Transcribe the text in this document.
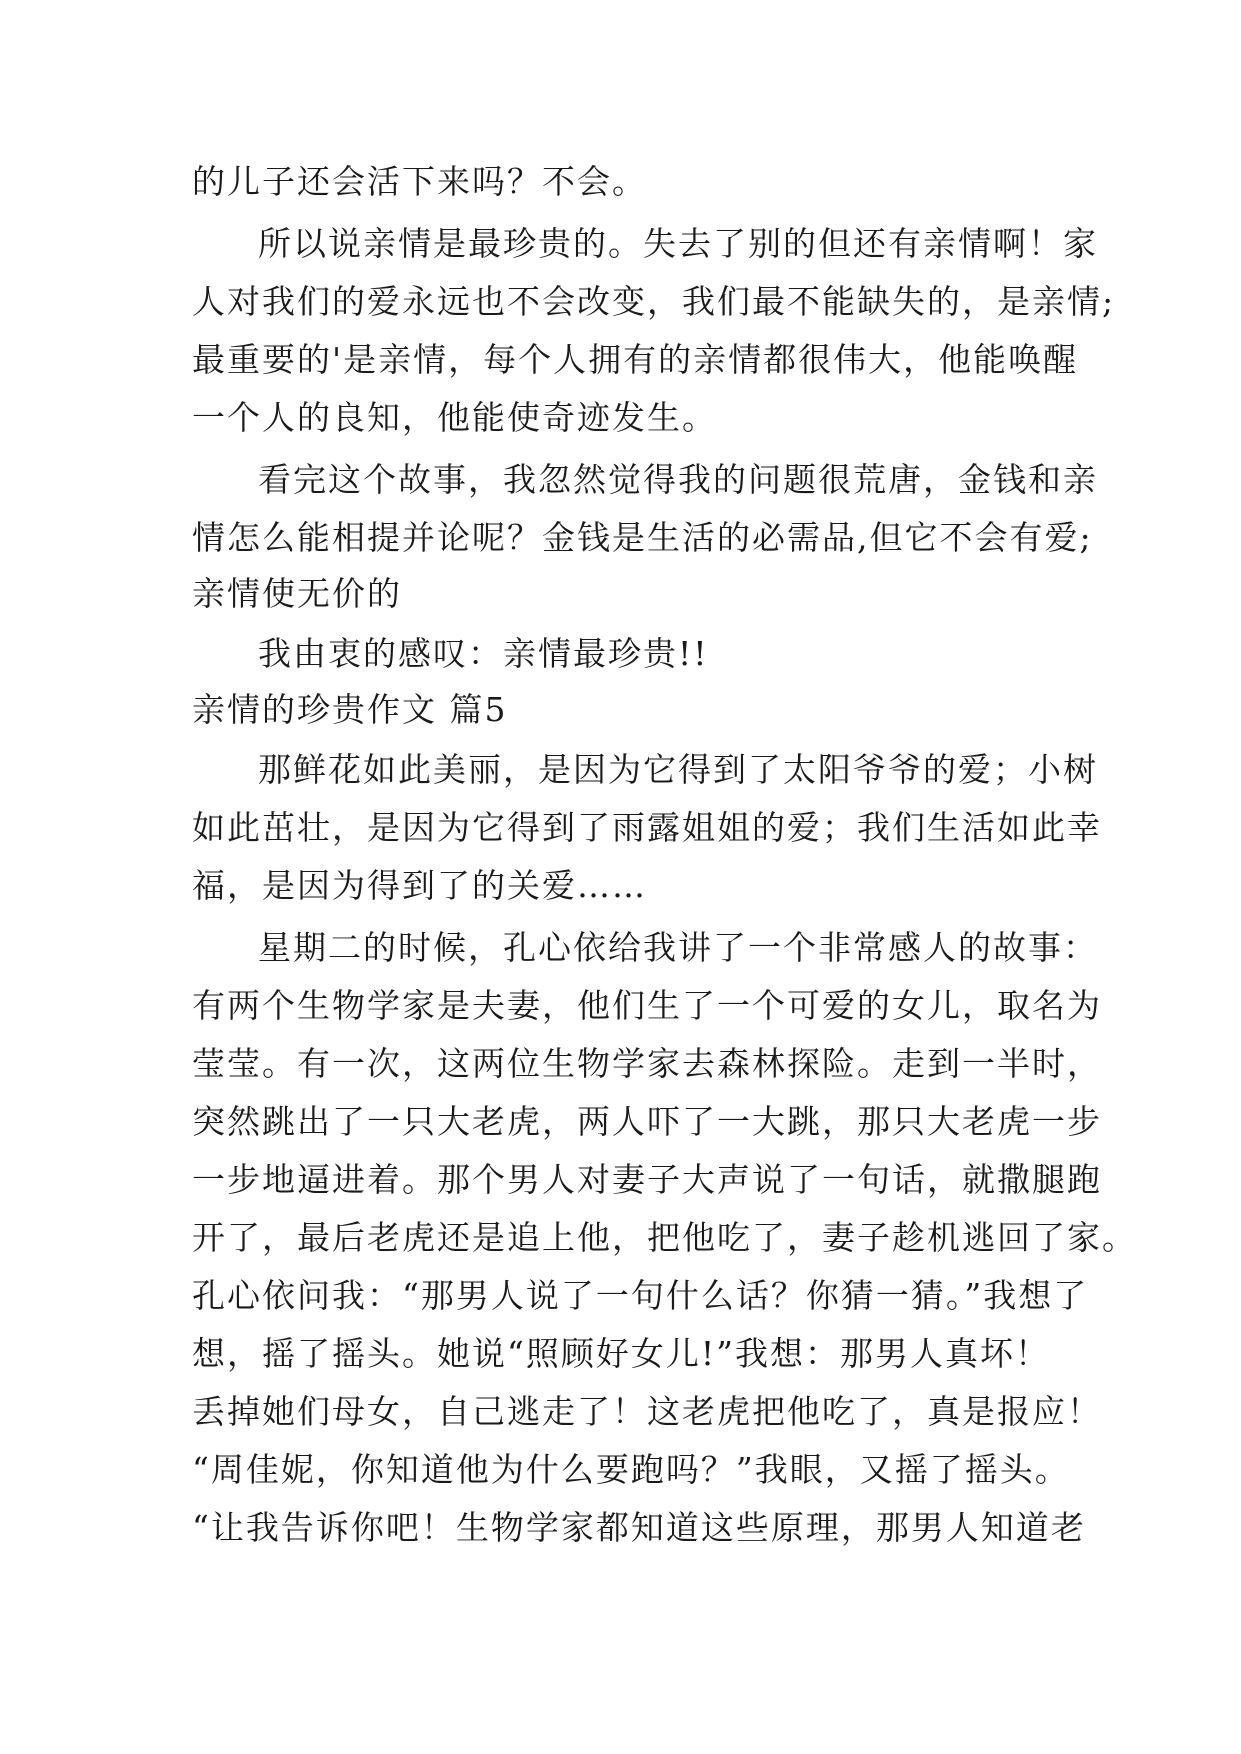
的儿子还会活下来吗？不会。
所以说亲情是最珍贵的。失去了别的但还有亲情啊！家
人对我们的爱永远也不会改变，我们最不能缺失的，是亲情;
最重要的'是亲情，每个人拥有的亲情都很伟大，他能唤醒
一个人的良知，他能使奇迹发生。
看完这个故事，我忽然觉得我的问题很荒唐，金钱和亲
情怎么能相提并论呢？金钱是生活的必需品,但它不会有爱;
亲情使无价的
我由衷的感叹：亲情最珍贵!!
亲情的珍贵作文 篇5
那鲜花如此美丽，是因为它得到了太阳爷爷的爱；小树
如此茁壮，是因为它得到了雨露姐姐的爱；我们生活如此幸
福，是因为得到了的关爱……
星期二的时候，孔心依给我讲了一个非常感人的故事：
有两个生物学家是夫妻，他们生了一个可爱的女儿，取名为
莹莹。有一次，这两位生物学家去森林探险。走到一半时，
突然跳出了一只大老虎，两人吓了一大跳，那只大老虎一步
一步地逼进着。那个男人对妻子大声说了一句话，就撒腿跑
开了，最后老虎还是追上他，把他吃了，妻子趁机逃回了家。
孔心依问我：“那男人说了一句什么话？你猜一猜。”我想了
想，摇了摇头。她说“照顾好女儿!”我想：那男人真坏！
丢掉她们母女，自己逃走了！这老虎把他吃了，真是报应！
“周佳妮，你知道他为什么要跑吗？”我眼，又摇了摇头。
“让我告诉你吧！生物学家都知道这些原理，那男人知道老
